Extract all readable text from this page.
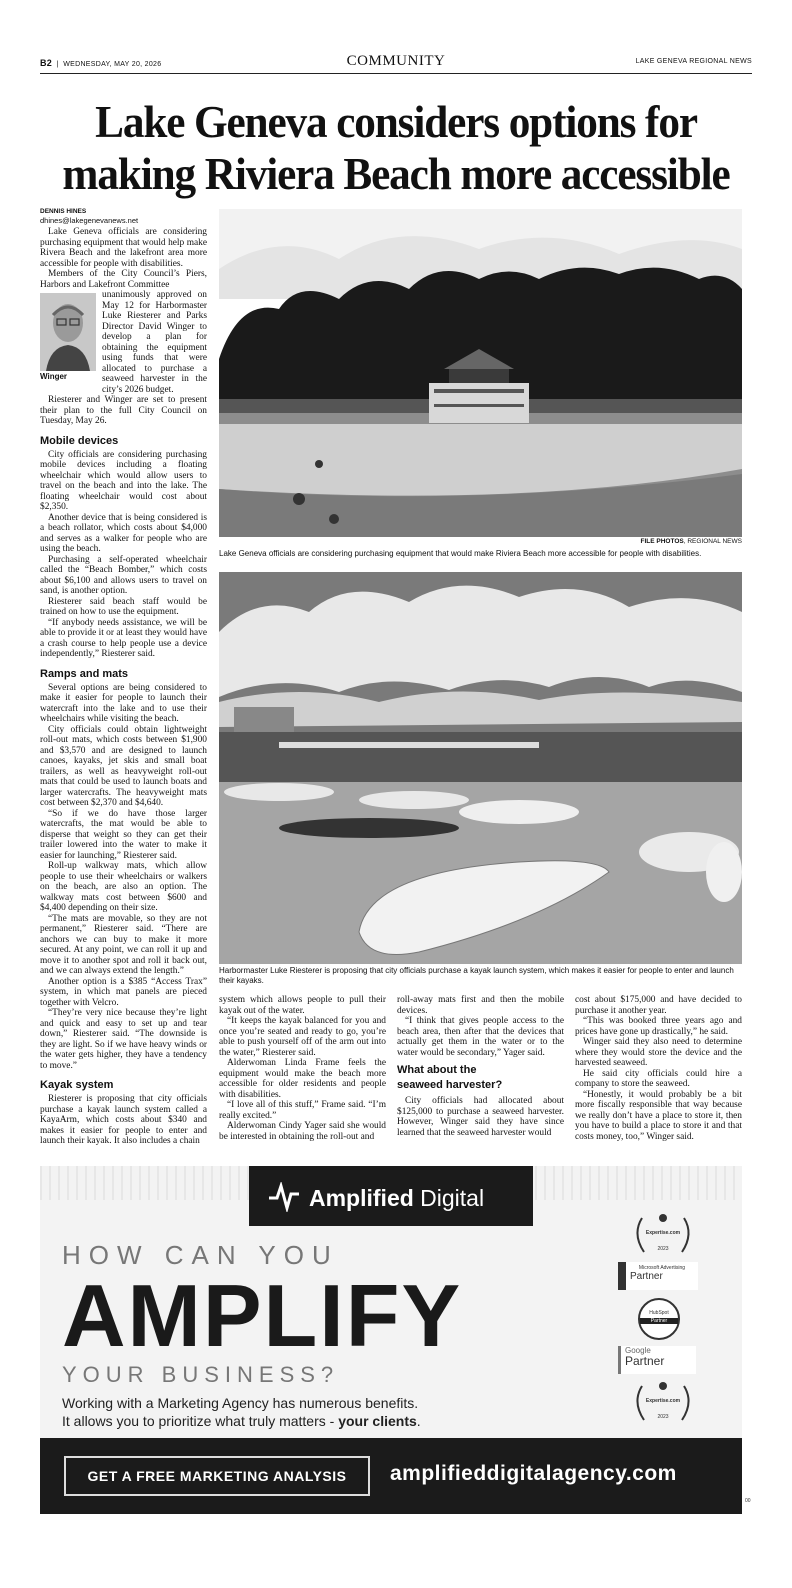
B2  |  WEDNESDAY, MAY 20, 2026	COMMUNITY	LAKE GENEVA REGIONAL NEWS
Lake Geneva considers options for
making Riviera Beach more accessible
DENNIS HINES
dhines@lakegenevanews.net

Lake Geneva officials are considering purchasing equipment that would help make Rivera Beach and the lakefront area more accessible for people with disabilities.

Members of the City Council’s Piers, Harbors and Lakefront Committee

Winger

unanimously approved on May 12 for Harbormaster Luke Riesterer and Parks Director David Winger to develop a plan for obtaining the equipment using funds that were allocated to purchase a seaweed harvester in the city’s 2026 budget.

Riesterer and Winger are set to present their plan to the full City Council on Tuesday, May 26.

Mobile devices

City officials are considering purchasing mobile devices including a floating wheelchair which would allow users to travel on the beach and into the lake. The floating wheelchair would cost about $2,350.

Another device that is being considered is a beach rollator, which costs about $4,000 and serves as a walker for people who are using the beach.

Purchasing a self-operated wheelchair called the “Beach Bomber,” which costs about $6,100 and allows users to travel on sand, is another option.

Riesterer said beach staff would be trained on how to use the equipment.

“If anybody needs assistance, we will be able to provide it or at least they would have a crash course to help people use a device independently,” Riesterer said.

Ramps and mats

Several options are being considered to make it easier for people to launch their watercraft into the lake and to use their wheelchairs while visiting the beach.

City officials could obtain lightweight roll-out mats, which costs between $1,900 and $3,570 and are designed to launch canoes, kayaks, jet skis and small boat trailers, as well as heavyweight roll-out mats that could be used to launch boats and larger watercrafts. The heavyweight mats cost between $2,370 and $4,640.

“So if we do have those larger watercrafts, the mat would be able to disperse that weight so they can get their trailer lowered into the water to make it easier for launching,” Riesterer said.

Roll-up walkway mats, which allow people to use their wheelchairs or walkers on the beach, are also an option. The walkway mats cost between $600 and $4,400 depending on their size.

“The mats are movable, so they are not permanent,” Riesterer said. “There are anchors we can buy to make it more secured. At any point, we can roll it up and move it to another spot and roll it back out, and we can always extend the length.”

Another option is a $385 “Access Trax” system, in which mat panels are pieced together with Velcro.

“They’re very nice because they’re light and quick and easy to set up and tear down,” Riesterer said. “The downside is they are light. So if we have heavy winds or the water gets higher, they have a tendency to move.”

Kayak system

Riesterer is proposing that city officials purchase a kayak launch system called a KayaArm, which costs about $340 and makes it easier for people to enter and launch their kayak. It also includes a chain

FILE PHOTOS, REGIONAL NEWS
Lake Geneva officials are considering purchasing equipment that would make Riviera Beach more accessible for people with disabilities.
Harbormaster Luke Riesterer is proposing that city officials purchase a kayak launch system, which makes it easier for people to enter and launch their kayaks.

system which allows people to pull their kayak out of the water.

“It keeps the kayak balanced for you and once you’re seated and ready to go, you’re able to push yourself off of the arm out into the water,” Riesterer said.

Alderwoman Linda Frame feels the equipment would make the beach more accessible for older residents and people with disabilities.

“I love all of this stuff,” Frame said. “I’m really excited.”

Alderwoman Cindy Yager said she would be interested in obtaining the roll-out and

roll-away mats first and then the mobile devices.

“I think that gives people access to the beach area, then after that the devices that actually get them in the water or to the water would be secondary,” Yager said.

What about the
seaweed harvester?

City officials had allocated about $125,000 to purchase a seaweed harvester. However, Winger said they have since learned that the seaweed harvester would

cost about $175,000 and have decided to purchase it another year.

“This was booked three years ago and prices have gone up drastically,” he said.

Winger said they also need to determine where they would store the device and the harvested seaweed.

He said city officials could hire a company to store the seaweed.

“Honestly, it would probably be a bit more fiscally responsible that way because we really don’t have a place to store it, then you have to build a place to store it and that costs money, too,” Winger said.

Amplified Digital
HOW CAN YOU
AMPLIFY
YOUR BUSINESS?
Working with a Marketing Agency has numerous benefits.
It allows you to prioritize what truly matters - your clients.
Expertise.com
2023
Microsoft Advertising
Partner
HubSpot
Partner
Google
Partner
Expertise.com
2023
GET A FREE MARKETING ANALYSIS	amplifieddigitalagency.com
00
